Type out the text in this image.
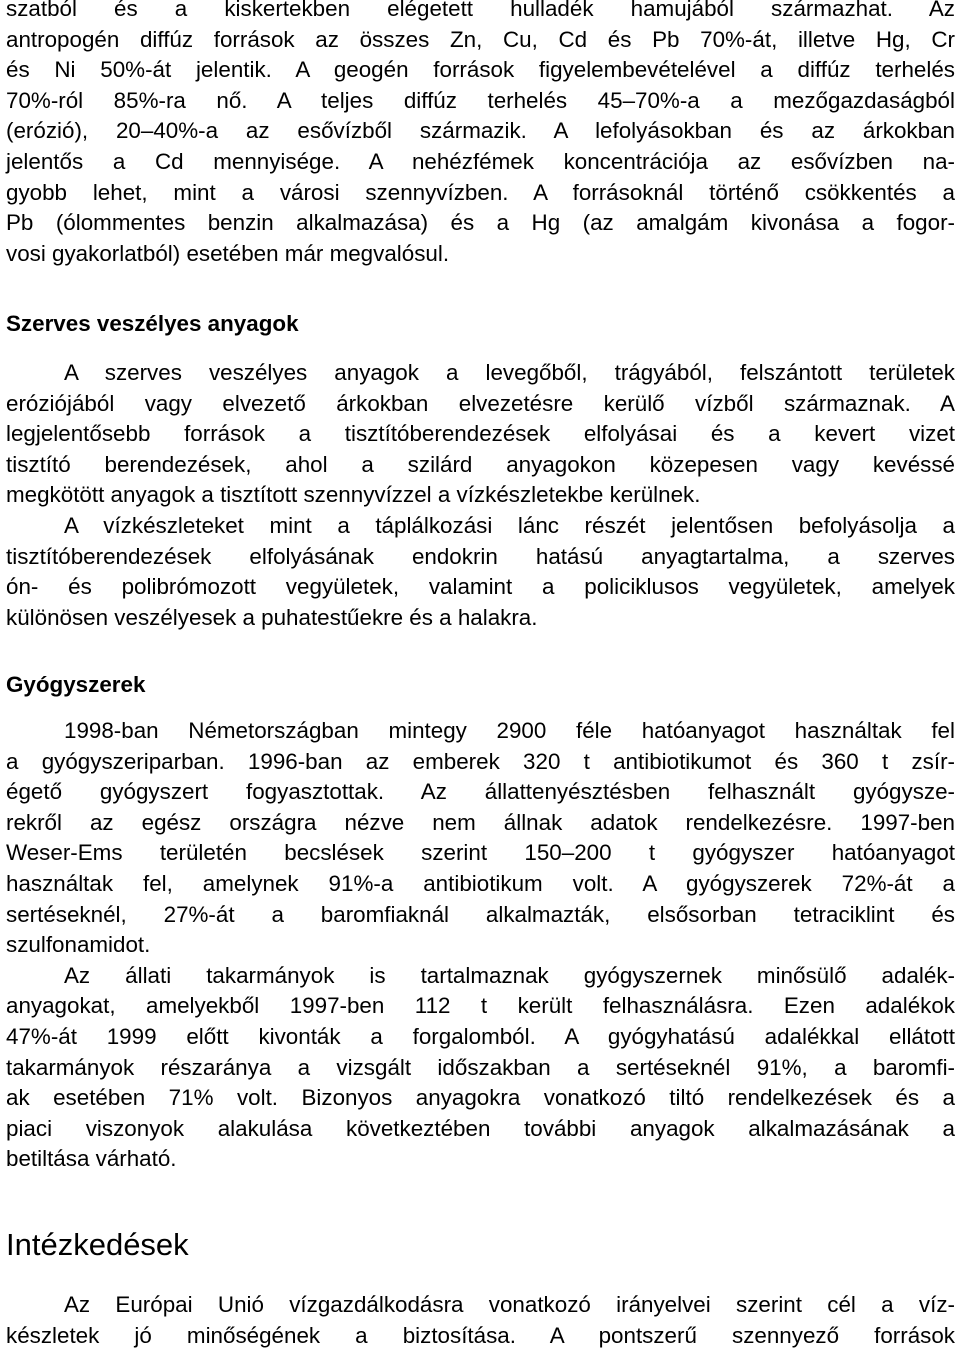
szatból és a kiskertekben elégetett hulladék hamujából származhat. Az
antropogén diffúz források az összes Zn, Cu, Cd és Pb 70%-át, illetve Hg, Cr
és Ni 50%-át jelentik. A geogén források figyelembevételével a diffúz terhelés
70%-ról 85%-ra nő. A teljes diffúz terhelés 45–70%-a a mezőgazdaságból
(erózió), 20–40%-a az esővízből származik. A lefolyásokban és az árkokban
jelentős a Cd mennyisége. A nehézfémek koncentrációja az esővízben na-
gyobb lehet, mint a városi szennyvízben. A forrásoknál történő csökkentés a
Pb (ólommentes benzin alkalmazása) és a Hg (az amalgám kivonása a fogor-
vosi gyakorlatból) esetében már megvalósul.
Szerves veszélyes anyagok
A szerves veszélyes anyagok a levegőből, trágyából, felszántott területek
eróziójából vagy elvezető árkokban elvezetésre kerülő vízből származnak. A
legjelentősebb források a tisztítóberendezések elfolyásai és a kevert vizet
tisztító berendezések, ahol a szilárd anyagokon közepesen vagy kevéssé
megkötött anyagok a tisztított szennyvízzel a vízkészletekbe kerülnek.
A vízkészleteket mint a táplálkozási lánc részét jelentősen befolyásolja a
tisztítóberendezések elfolyásának endokrin hatású anyagtartalma, a szerves
ón- és polibrómozott vegyületek, valamint a policiklusos vegyületek, amelyek
különösen veszélyesek a puhatestűekre és a halakra.
Gyógyszerek
1998-ban Németországban mintegy 2900 féle hatóanyagot használtak fel
a gyógyszeriparban. 1996-ban az emberek 320 t antibiotikumot és 360 t zsír-
égető gyógyszert fogyasztottak. Az állattenyésztésben felhasznált gyógysze-
rekről az egész országra nézve nem állnak adatok rendelkezésre. 1997-ben
Weser-Ems területén becslések szerint 150–200 t gyógyszer hatóanyagot
használtak fel, amelynek 91%-a antibiotikum volt. A gyógyszerek 72%-át a
sertéseknél, 27%-át a baromfiaknál alkalmazták, elsősorban tetraciklint és
szulfonamidot.
Az állati takarmányok is tartalmaznak gyógyszernek minősülő adalék-
anyagokat, amelyekből 1997-ben 112 t került felhasználásra. Ezen adalékok
47%-át 1999 előtt kivonták a forgalomból. A gyógyhatású adalékkal ellátott
takarmányok részaránya a vizsgált időszakban a sertéseknél 91%, a baromfi-
ak esetében 71% volt. Bizonyos anyagokra vonatkozó tiltó rendelkezések és a
piaci viszonyok alakulása következtében további anyagok alkalmazásának a
betiltása várható.
Intézkedések
Az Európai Unió vízgazdálkodásra vonatkozó irányelvei szerint cél a víz-
készletek jó minőségének a biztosítása. A pontszerű szennyező források
